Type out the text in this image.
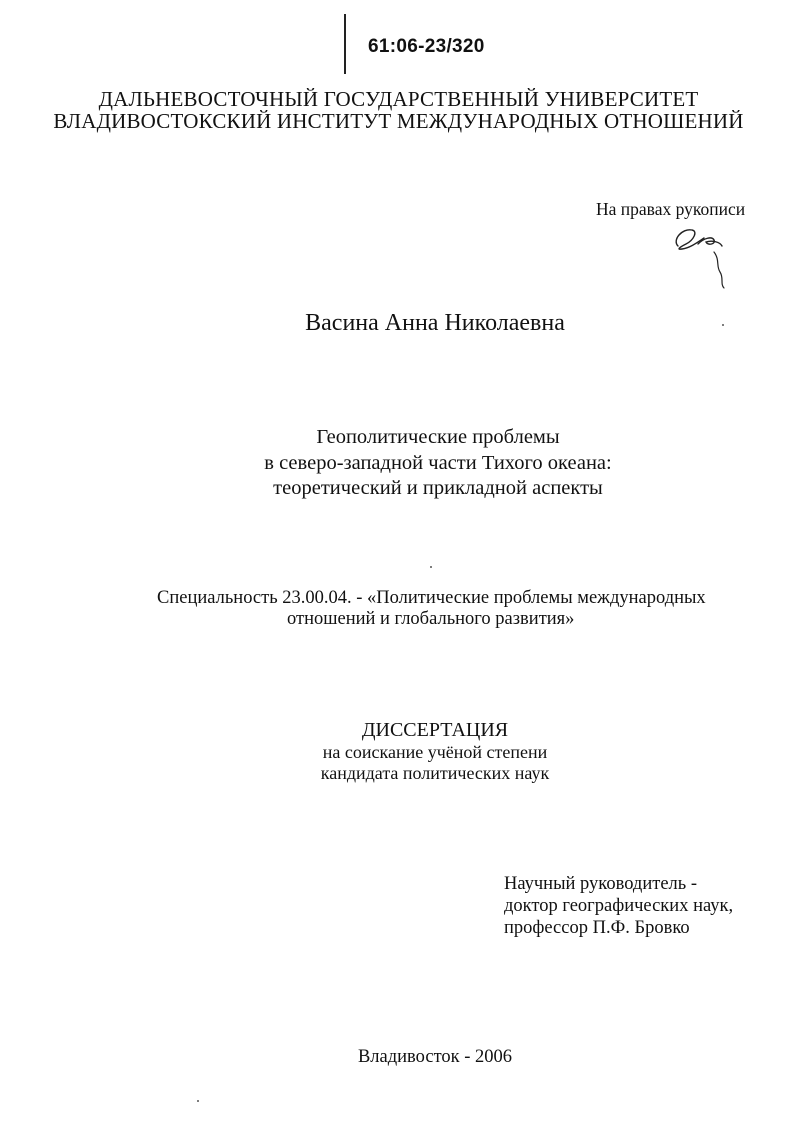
61:06-23/320
ДАЛЬНЕВОСТОЧНЫЙ ГОСУДАРСТВЕННЫЙ УНИВЕРСИТЕТ
ВЛАДИВОСТОКСКИЙ ИНСТИТУТ МЕЖДУНАРОДНЫХ ОТНОШЕНИЙ
На правах рукописи
Васина Анна Николаевна
Геополитические проблемы
в северо-западной части Тихого океана:
теоретический и прикладной аспекты
Специальность 23.00.04. - «Политические проблемы международных
отношений и глобального развития»
ДИССЕРТАЦИЯ
на соискание учёной степени
кандидата политических наук
Научный руководитель -
доктор географических наук,
профессор П.Ф. Бровко
Владивосток - 2006
